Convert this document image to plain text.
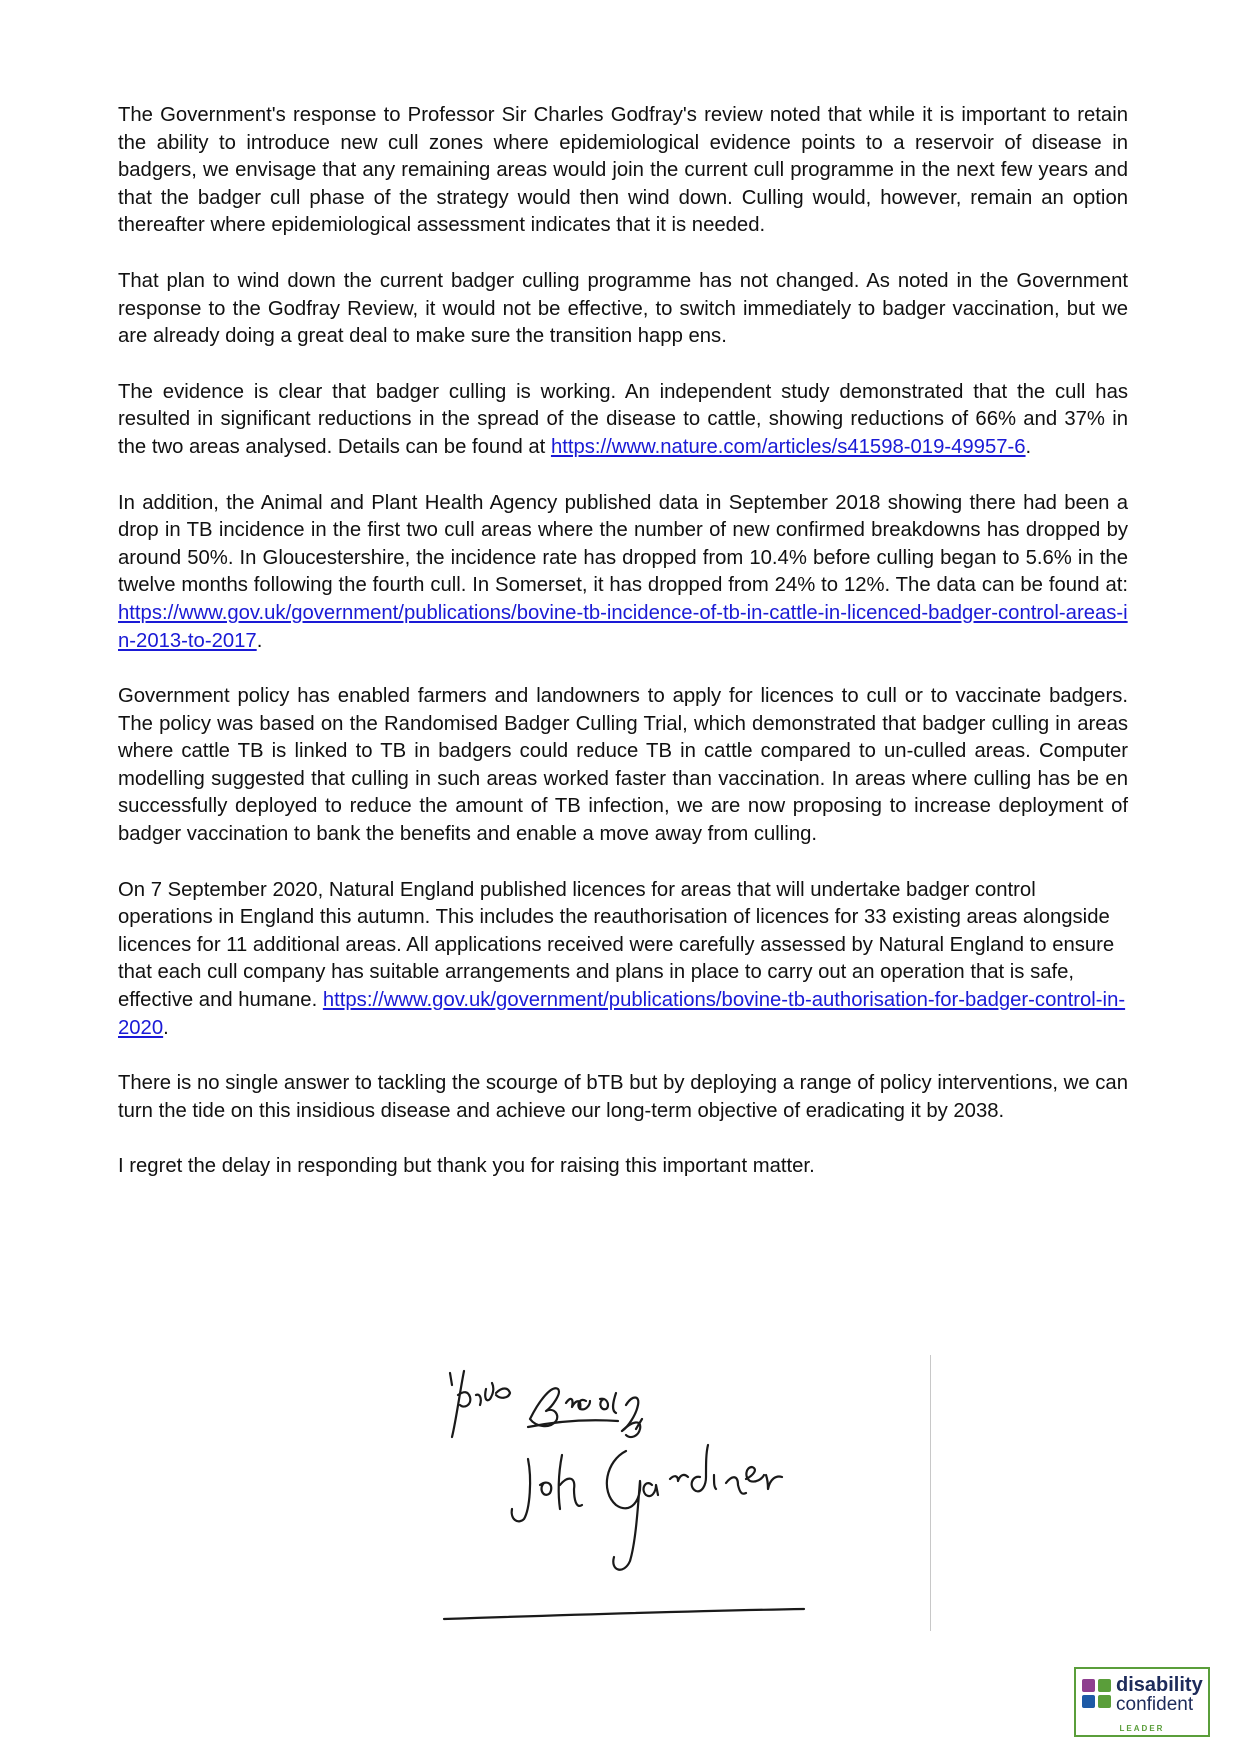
The Government's response to Professor Sir Charles Godfray's review noted that while it is important to retain the ability to introduce new cull zones where epidemiological evidence points to a reservoir of disease in badgers, we envisage that any remaining areas would join the current cull programme in the next few years and that the badger cull phase of the strategy would then wind down. Culling would, however, remain an option thereafter where epidemiological assessment indicates that it is needed.

That plan to wind down the current badger culling programme has not changed. As noted in the Government response to the Godfray Review, it would not be effective, to switch immediately to badger vaccination, but we are already doing a great deal to make sure the transition happ ens.

The evidence is clear that badger culling is working. An independent study demonstrated that the cull has resulted in significant reductions in the spread of the disease to cattle, showing reductions of 66% and 37% in the two areas analysed. Details can be found at https://www.nature.com/articles/s41598-019-49957-6.

In addition, the Animal and Plant Health Agency published data in September 2018 showing there had been a drop in TB incidence in the first two cull areas where the number of new confirmed breakdowns has dropped by around 50%. In Gloucestershire, the incidence rate has dropped from 10.4% before culling began to 5.6% in the twelve months following the fourth cull. In Somerset, it has dropped from 24% to 12%. The data can be found at: https://www.gov.uk/government/publications/bovine-tb-incidence-of-tb-in-cattle-in-licenced-badger-control-areas-in-2013-to-2017.

Government policy has enabled farmers and landowners to apply for licences to cull or to vaccinate badgers. The policy was based on the Randomised Badger Culling Trial, which demonstrated that badger culling in areas where cattle TB is linked to TB in badgers could reduce TB in cattle compared to un-culled areas. Computer modelling suggested that culling in such areas worked faster than vaccination. In areas where culling has be en successfully deployed to reduce the amount of TB infection, we are now proposing to increase deployment of badger vaccination to bank the benefits and enable a move away from culling.

On 7 September 2020, Natural England published licences for areas that will undertake badger control operations in England this autumn. This includes the reauthorisation of licences for 33 existing areas alongside licences for 11 additional areas. All applications received were carefully assessed by Natural England to ensure that each cull company has suitable arrangements and plans in place to carry out an operation that is safe, effective and humane. https://www.gov.uk/government/publications/bovine-tb-authorisation-for-badger-control-in-2020.

There is no single answer to tackling the scourge of bTB but by deploying a range of policy interventions, we can turn the tide on this insidious disease and achieve our long-term objective of eradicating it by 2038.

I regret the delay in responding but thank you for raising this important matter.

disability
confident
LEADER
